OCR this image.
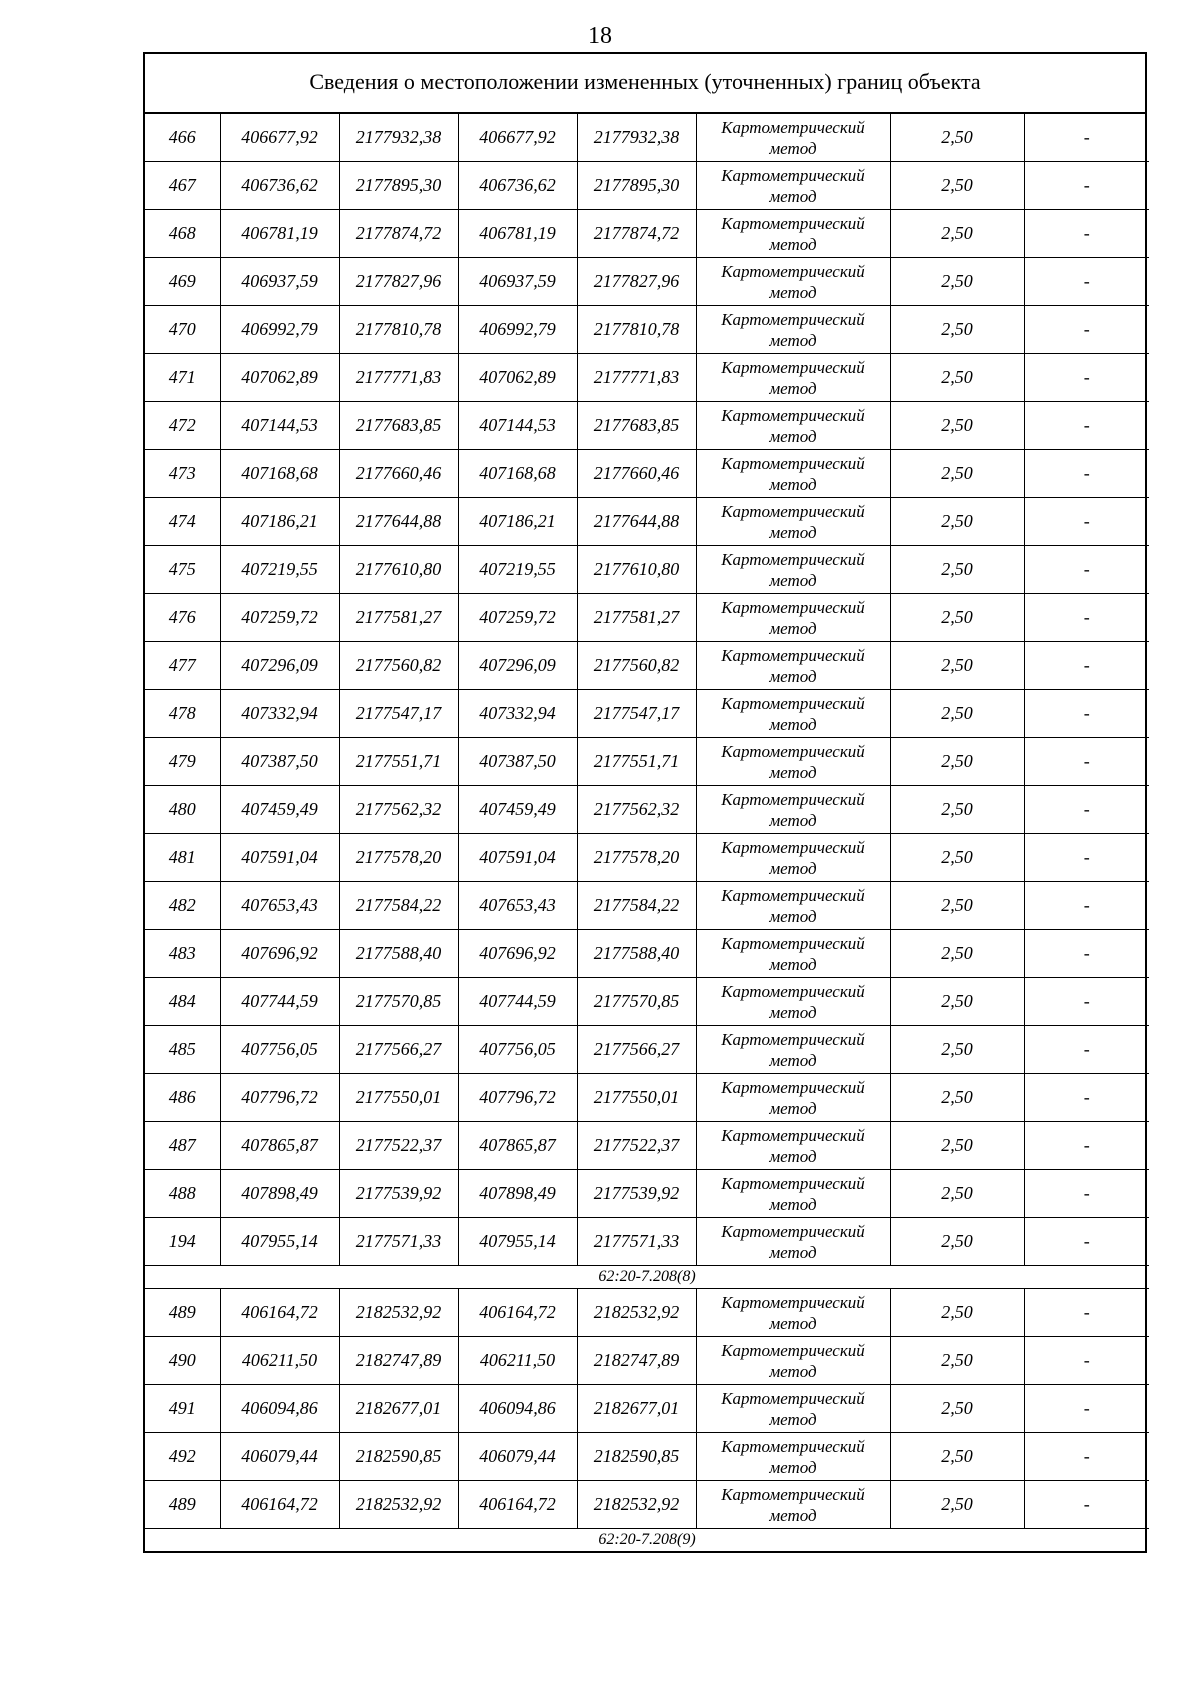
18
Сведения о местоположении измененных (уточненных) границ объекта
466	406677,92	2177932,38	406677,92	2177932,38	Картометрический метод	2,50	-
467	406736,62	2177895,30	406736,62	2177895,30	Картометрический метод	2,50	-
468	406781,19	2177874,72	406781,19	2177874,72	Картометрический метод	2,50	-
469	406937,59	2177827,96	406937,59	2177827,96	Картометрический метод	2,50	-
470	406992,79	2177810,78	406992,79	2177810,78	Картометрический метод	2,50	-
471	407062,89	2177771,83	407062,89	2177771,83	Картометрический метод	2,50	-
472	407144,53	2177683,85	407144,53	2177683,85	Картометрический метод	2,50	-
473	407168,68	2177660,46	407168,68	2177660,46	Картометрический метод	2,50	-
474	407186,21	2177644,88	407186,21	2177644,88	Картометрический метод	2,50	-
475	407219,55	2177610,80	407219,55	2177610,80	Картометрический метод	2,50	-
476	407259,72	2177581,27	407259,72	2177581,27	Картометрический метод	2,50	-
477	407296,09	2177560,82	407296,09	2177560,82	Картометрический метод	2,50	-
478	407332,94	2177547,17	407332,94	2177547,17	Картометрический метод	2,50	-
479	407387,50	2177551,71	407387,50	2177551,71	Картометрический метод	2,50	-
480	407459,49	2177562,32	407459,49	2177562,32	Картометрический метод	2,50	-
481	407591,04	2177578,20	407591,04	2177578,20	Картометрический метод	2,50	-
482	407653,43	2177584,22	407653,43	2177584,22	Картометрический метод	2,50	-
483	407696,92	2177588,40	407696,92	2177588,40	Картометрический метод	2,50	-
484	407744,59	2177570,85	407744,59	2177570,85	Картометрический метод	2,50	-
485	407756,05	2177566,27	407756,05	2177566,27	Картометрический метод	2,50	-
486	407796,72	2177550,01	407796,72	2177550,01	Картометрический метод	2,50	-
487	407865,87	2177522,37	407865,87	2177522,37	Картометрический метод	2,50	-
488	407898,49	2177539,92	407898,49	2177539,92	Картометрический метод	2,50	-
194	407955,14	2177571,33	407955,14	2177571,33	Картометрический метод	2,50	-
62:20-7.208(8)							
489	406164,72	2182532,92	406164,72	2182532,92	Картометрический метод	2,50	-
490	406211,50	2182747,89	406211,50	2182747,89	Картометрический метод	2,50	-
491	406094,86	2182677,01	406094,86	2182677,01	Картометрический метод	2,50	-
492	406079,44	2182590,85	406079,44	2182590,85	Картометрический метод	2,50	-
489	406164,72	2182532,92	406164,72	2182532,92	Картометрический метод	2,50	-
62:20-7.208(9)							
